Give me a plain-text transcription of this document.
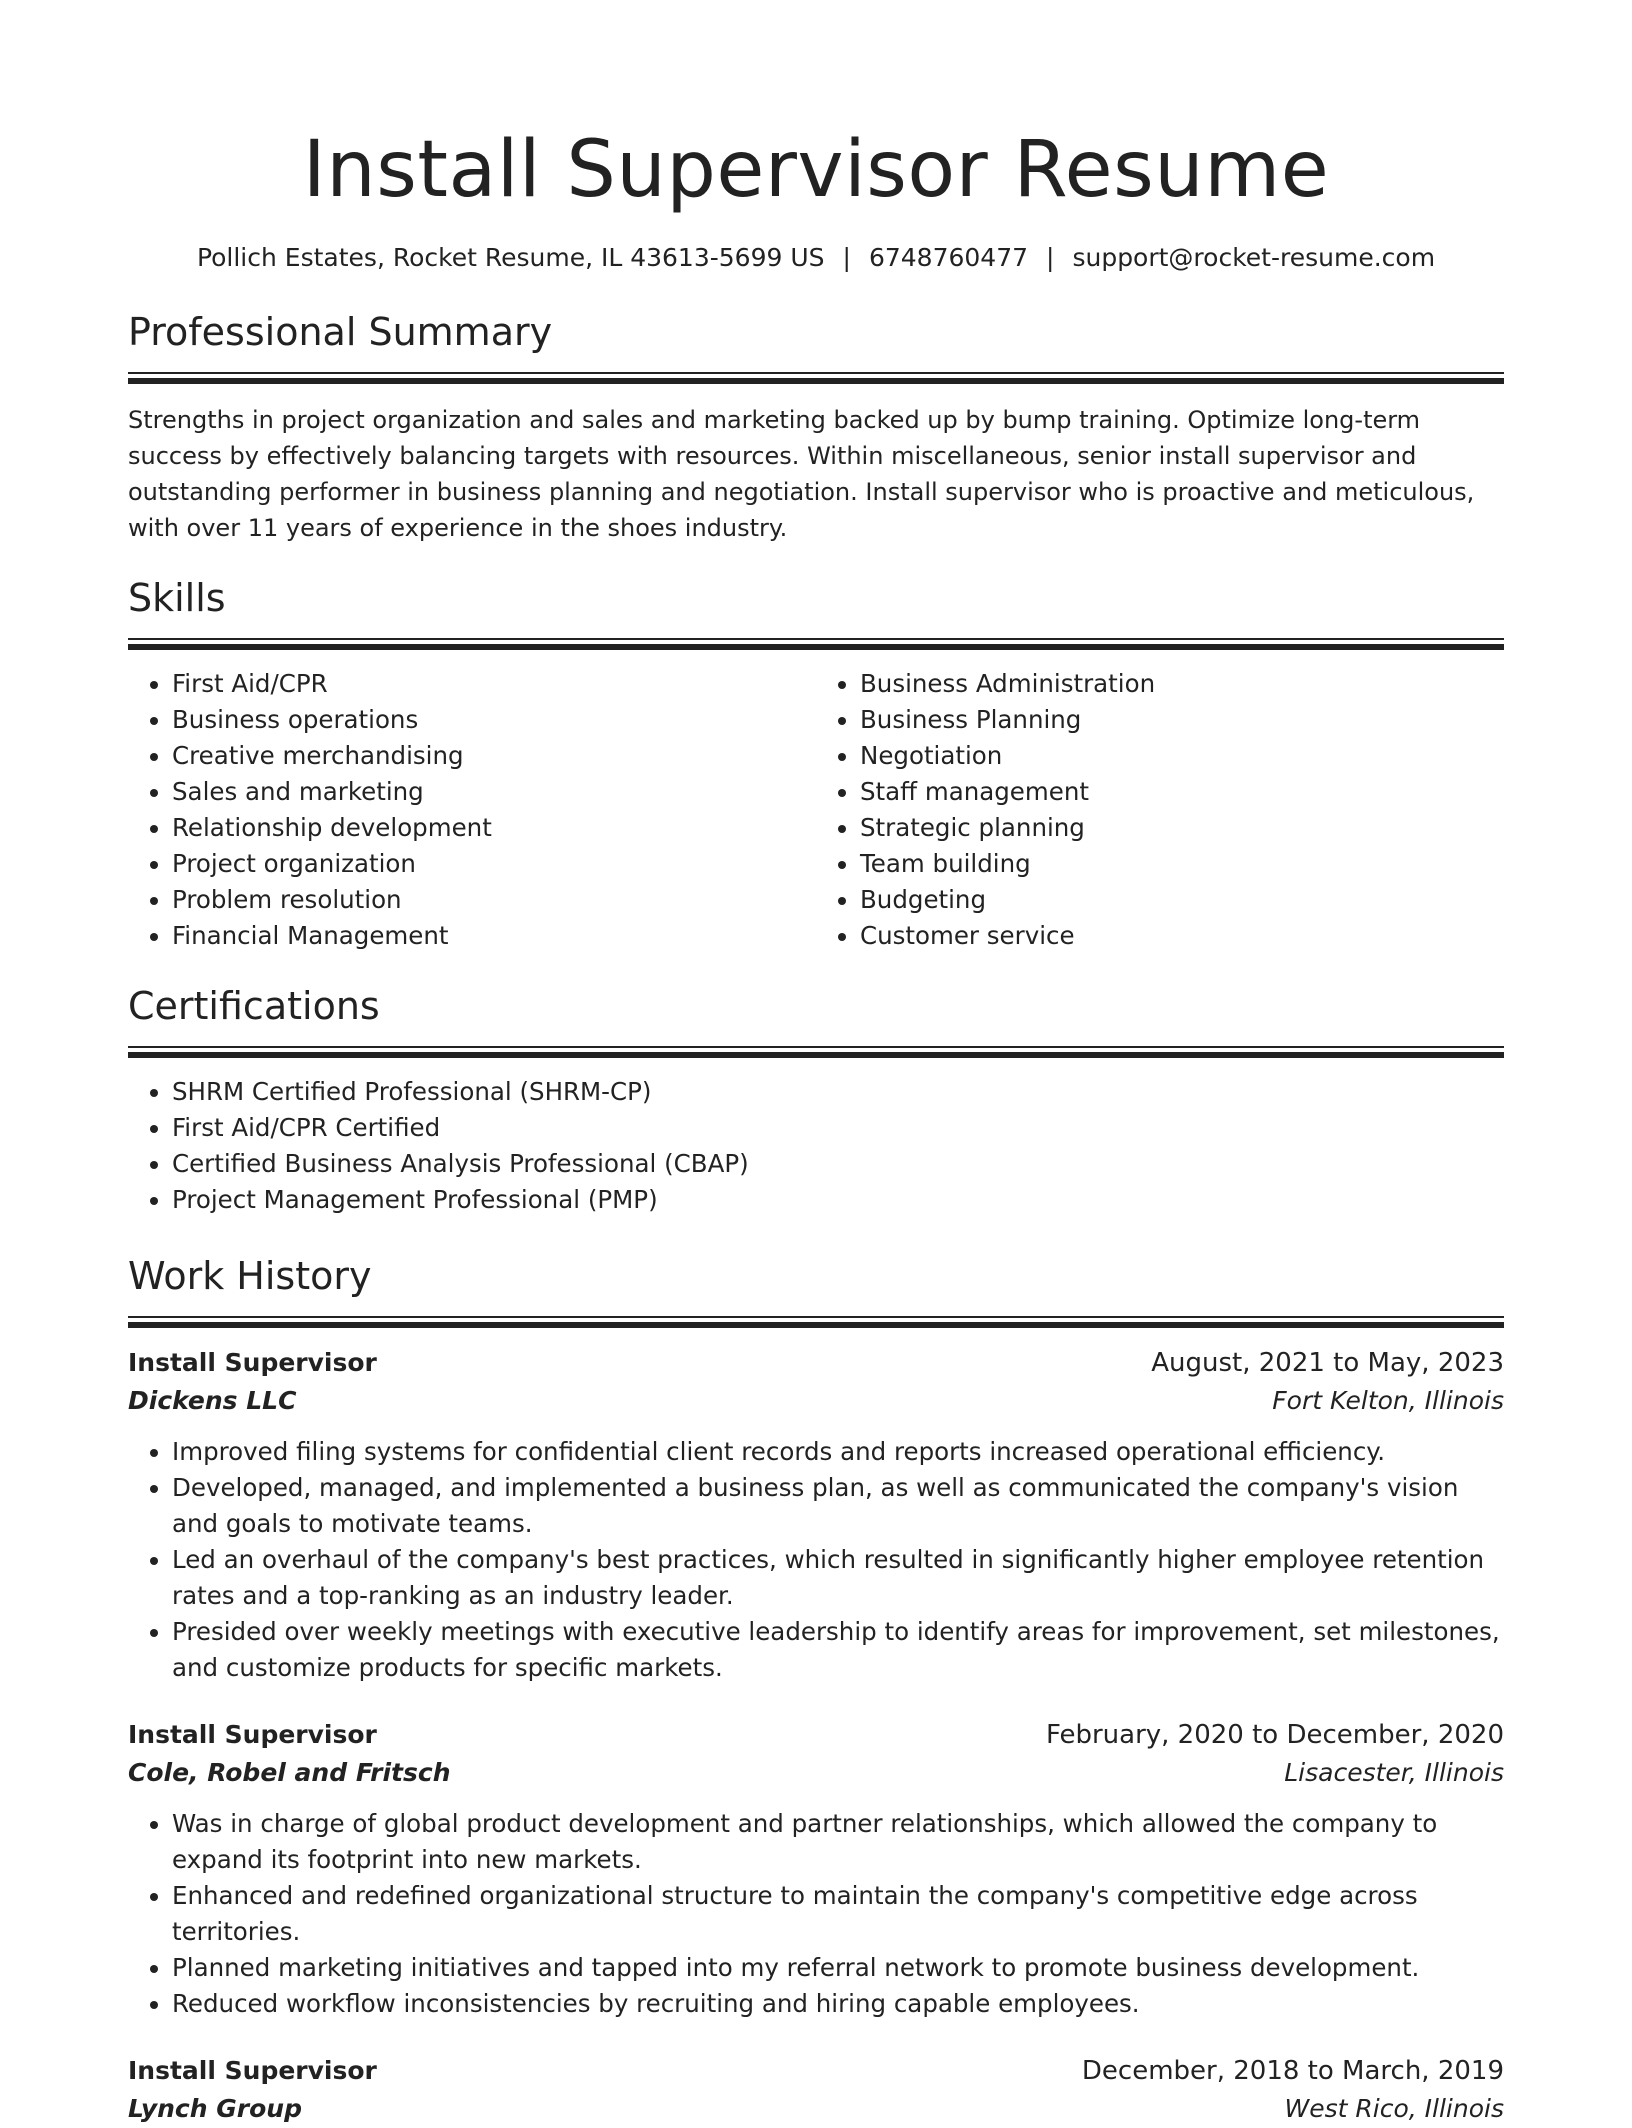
Install Supervisor Resume
Pollich Estates, Rocket Resume, IL 43613-5699 US | 6748760477 | support@rocket-resume.com
Professional Summary

Strengths in project organization and sales and marketing backed up by bump training. Optimize long-term success by effectively balancing targets with resources. Within miscellaneous, senior install supervisor and outstanding performer in business planning and negotiation. Install supervisor who is proactive and meticulous, with over 11 years of experience in the shoes industry.

Skills
• First Aid/CPR
• Business operations
• Creative merchandising
• Sales and marketing
• Relationship development
• Project organization
• Problem resolution
• Financial Management
• Business Administration
• Business Planning
• Negotiation
• Staff management
• Strategic planning
• Team building
• Budgeting
• Customer service
Certifications
• SHRM Certified Professional (SHRM-CP)
• First Aid/CPR Certified
• Certified Business Analysis Professional (CBAP)
• Project Management Professional (PMP)
Work History
Install Supervisor	August, 2021 to May, 2023
Dickens LLC	Fort Kelton, Illinois
• Improved filing systems for confidential client records and reports increased operational efficiency.
• Developed, managed, and implemented a business plan, as well as communicated the company's vision and goals to motivate teams.
• Led an overhaul of the company's best practices, which resulted in significantly higher employee retention rates and a top-ranking as an industry leader.
• Presided over weekly meetings with executive leadership to identify areas for improvement, set milestones, and customize products for specific markets.
Install Supervisor	February, 2020 to December, 2020
Cole, Robel and Fritsch	Lisacester, Illinois
• Was in charge of global product development and partner relationships, which allowed the company to expand its footprint into new markets.
• Enhanced and redefined organizational structure to maintain the company's competitive edge across territories.
• Planned marketing initiatives and tapped into my referral network to promote business development.
• Reduced workflow inconsistencies by recruiting and hiring capable employees.
Install Supervisor	December, 2018 to March, 2019
Lynch Group	West Rico, Illinois
